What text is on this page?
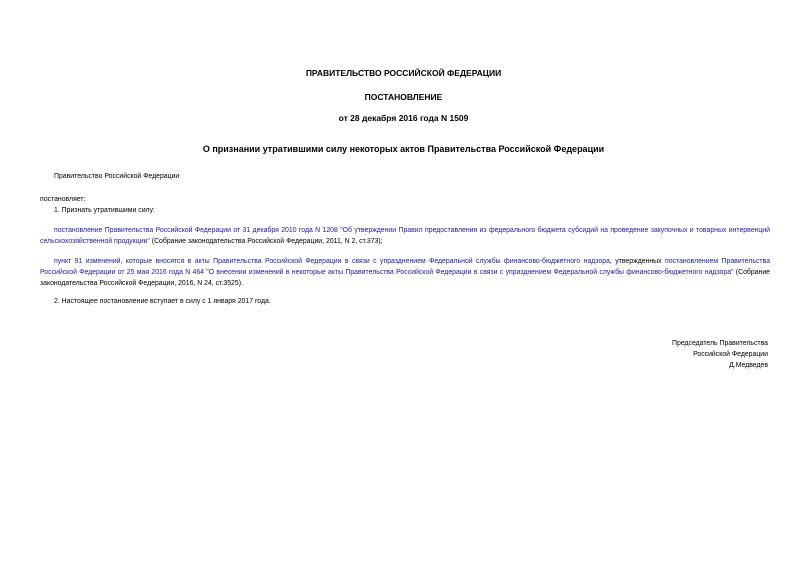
ПРАВИТЕЛЬСТВО РОССИЙСКОЙ ФЕДЕРАЦИИ
ПОСТАНОВЛЕНИЕ
от 28 декабря 2016 года N 1509
О признании утратившими силу некоторых актов Правительства Российской Федерации
Правительство Российской Федерации
постановляет:
1. Признать утратившими силу:
постановление Правительства Российской Федерации от 31 декабря 2010 года N 1208 "Об утверждении Правил предоставления из федерального бюджета субсидий на проведение закупочных и товарных интервенций сельскохозяйственной продукции" (Собрание законодательства Российской Федерации, 2011, N 2, ст.373);
пункт 91 изменений, которые вносятся в акты Правительства Российской Федерации в связи с упразднением Федеральной службы финансово-бюджетного надзора, утвержденных постановлением Правительства Российской Федерации от 25 мая 2016 года N 464 "О внесении изменений в некоторые акты Правительства Российской Федерации в связи с упразднением Федеральной службы финансово-бюджетного надзора" (Собрание законодательства Российской Федерации, 2016, N 24, ст.3525).
2. Настоящее постановление вступает в силу с 1 января 2017 года.
Председатель Правительства
Российской Федерации
Д.Медведев
